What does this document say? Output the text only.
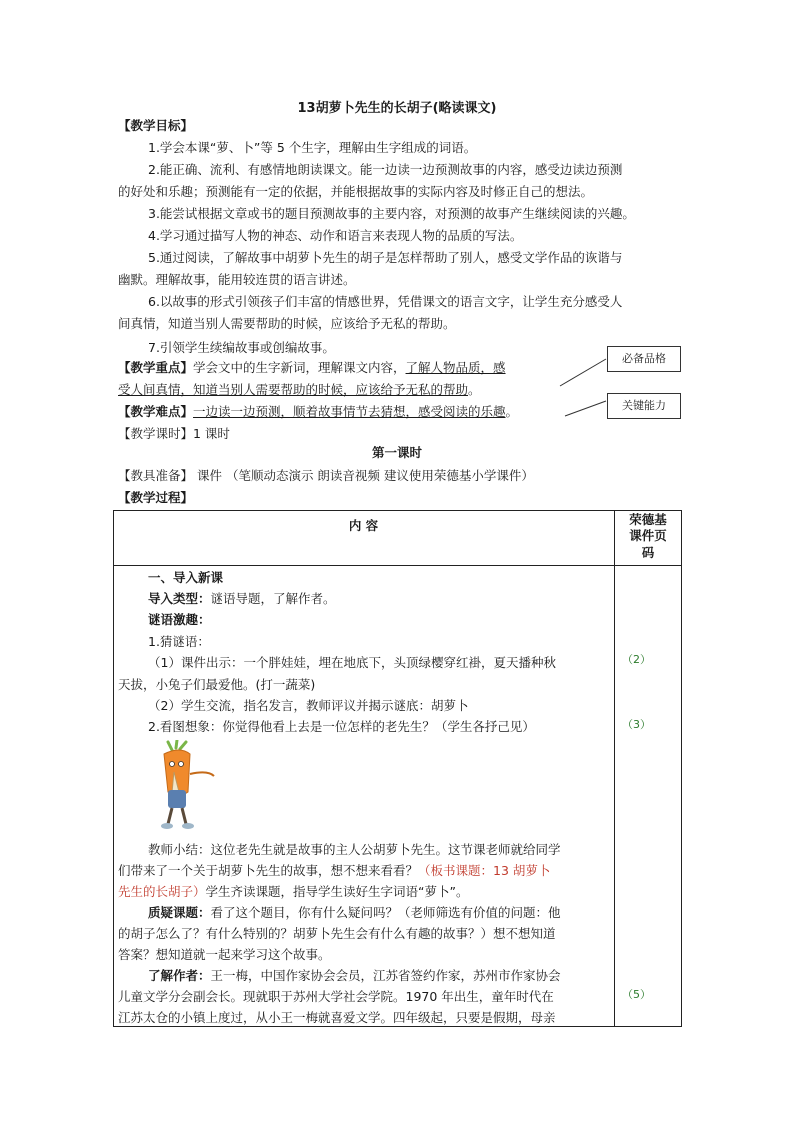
13胡萝卜先生的长胡子(略读课文)
【教学目标】
1.学会本课“萝、卜”等 5 个生字，理解由生字组成的词语。
2.能正确、流利、有感情地朗读课文。能一边读一边预测故事的内容，感受边读边预测
的好处和乐趣；预测能有一定的依据，并能根据故事的实际内容及时修正自己的想法。
3.能尝试根据文章或书的题目预测故事的主要内容，对预测的故事产生继续阅读的兴趣。
4.学习通过描写人物的神态、动作和语言来表现人物的品质的写法。
5.通过阅读，了解故事中胡萝卜先生的胡子是怎样帮助了别人，感受文学作品的诙谐与
幽默。理解故事，能用较连贯的语言讲述。
6.以故事的形式引领孩子们丰富的情感世界，凭借课文的语言文字，让学生充分感受人
间真情，知道当别人需要帮助的时候，应该给予无私的帮助。
7.引领学生续编故事或创编故事。
【教学重点】学会文中的生字新词，理解课文内容，了解人物品质，感
受人间真情，知道当别人需要帮助的时候，应该给予无私的帮助。
【教学难点】一边读一边预测，顺着故事情节去猜想，感受阅读的乐趣。
【教学课时】1 课时
必备品格
关键能力
第一课时
【教具准备】 课件 （笔顺动态演示 朗读音视频 建议使用荣德基小学课件）
【教学过程】
内 容	荣德基
课件页
码
一、导入新课
导入类型：谜语导题，了解作者。
谜语激趣：
1.猜谜语：
（1）课件出示：一个胖娃娃，埋在地底下，头顶绿樱穿红褂，夏天播种秋
天拔，小兔子们最爱他。(打一蔬菜)
（2）学生交流，指名发言，教师评议并揭示谜底：胡萝卜
2.看图想象：你觉得他看上去是一位怎样的老先生？（学生各抒己见）
教师小结：这位老先生就是故事的主人公胡萝卜先生。这节课老师就给同学
们带来了一个关于胡萝卜先生的故事，想不想来看看？（板书课题：13 胡萝卜
先生的长胡子）学生齐读课题，指导学生读好生字词语“萝卜”。
质疑课题：看了这个题目，你有什么疑问吗？（老师筛选有价值的问题：他
的胡子怎么了？有什么特别的？胡萝卜先生会有什么有趣的故事？）想不想知道
答案？想知道就一起来学习这个故事。
了解作者：王一梅，中国作家协会会员，江苏省签约作家，苏州市作家协会
儿童文学分会副会长。现就职于苏州大学社会学院。1970 年出生，童年时代在
江苏太仓的小镇上度过，从小王一梅就喜爱文学。四年级起，只要是假期，母亲
（2）
（3）
（5）
